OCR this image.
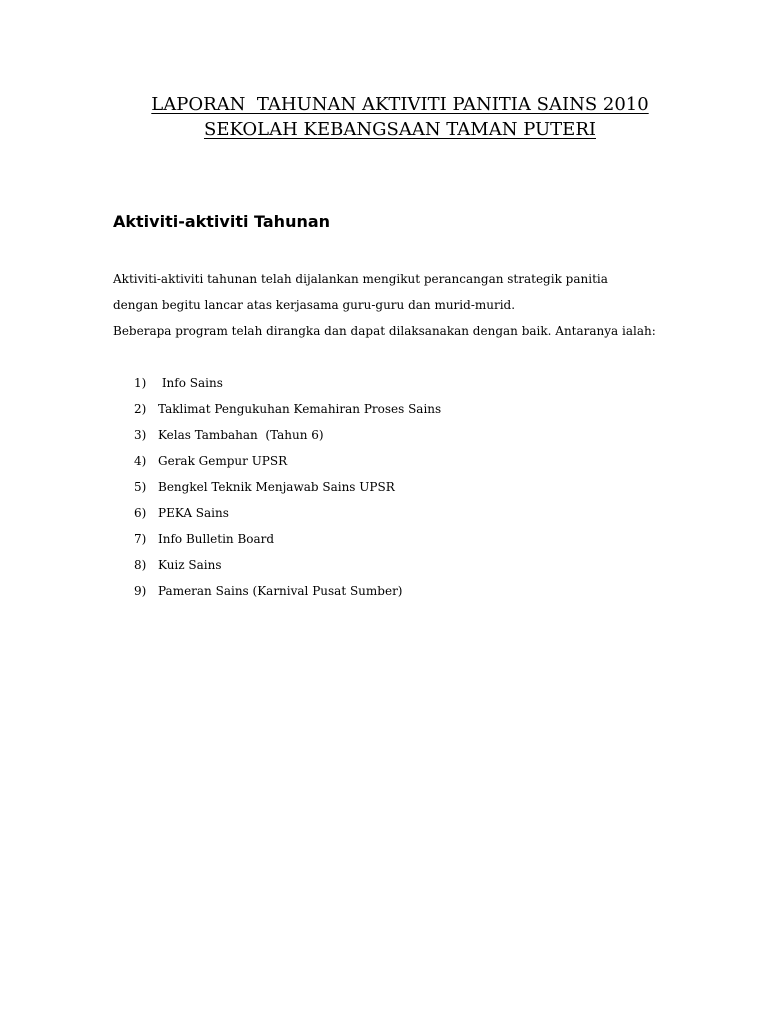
LAPORAN  TAHUNAN AKTIVITI PANITIA SAINS 2010
SEKOLAH KEBANGSAAN TAMAN PUTERI
Aktiviti-aktiviti Tahunan
Aktiviti-aktiviti tahunan telah dijalankan mengikut perancangan strategik panitia
dengan begitu lancar atas kerjasama guru-guru dan murid-murid.
Beberapa program telah dirangka dan dapat dilaksanakan dengan baik. Antaranya ialah:
1) Info Sains
2) Taklimat Pengukuhan Kemahiran Proses Sains
3) Kelas Tambahan  (Tahun 6)
4) Gerak Gempur UPSR
5) Bengkel Teknik Menjawab Sains UPSR
6) PEKA Sains
7) Info Bulletin Board
8) Kuiz Sains
9) Pameran Sains (Karnival Pusat Sumber)
